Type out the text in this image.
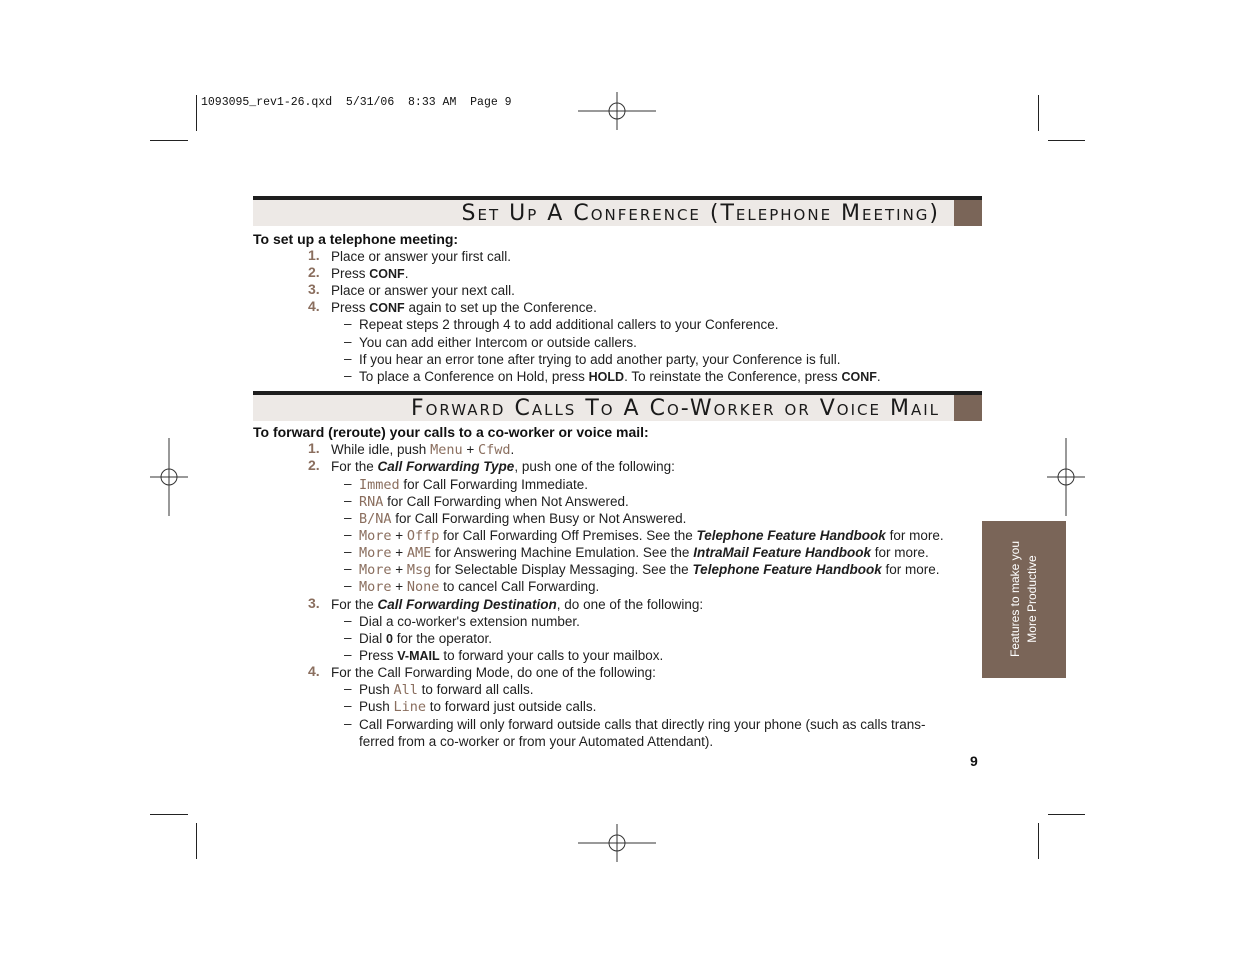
1093095_rev1-26.qxd  5/31/06  8:33 AM  Page 9
Set Up A Conference (Telephone Meeting)
To set up a telephone meeting:
1. Place or answer your first call.
2. Press CONF.
3. Place or answer your next call.
4. Press CONF again to set up the Conference.
– Repeat steps 2 through 4 to add additional callers to your Conference.
– You can add either Intercom or outside callers.
– If you hear an error tone after trying to add another party, your Conference is full.
– To place a Conference on Hold, press HOLD. To reinstate the Conference, press CONF.
Forward Calls To A Co-Worker or Voice Mail
To forward (reroute) your calls to a co-worker or voice mail:
1. While idle, push Menu + Cfwd.
2. For the Call Forwarding Type, push one of the following:
– Immed for Call Forwarding Immediate.
– RNA for Call Forwarding when Not Answered.
– B/NA for Call Forwarding when Busy or Not Answered.
– More + Offp for Call Forwarding Off Premises. See the Telephone Feature Handbook for more.
– More + AME for Answering Machine Emulation. See the IntraMail Feature Handbook for more.
– More + Msg for Selectable Display Messaging. See the Telephone Feature Handbook for more.
– More + None to cancel Call Forwarding.
3. For the Call Forwarding Destination, do one of the following:
– Dial a co-worker's extension number.
– Dial 0 for the operator.
– Press V-MAIL to forward your calls to your mailbox.
4. For the Call Forwarding Mode, do one of the following:
– Push All to forward all calls.
– Push Line to forward just outside calls.
– Call Forwarding will only forward outside calls that directly ring your phone (such as calls trans-
ferred from a co-worker or from your Automated Attendant).
Features to make you More Productive
9
